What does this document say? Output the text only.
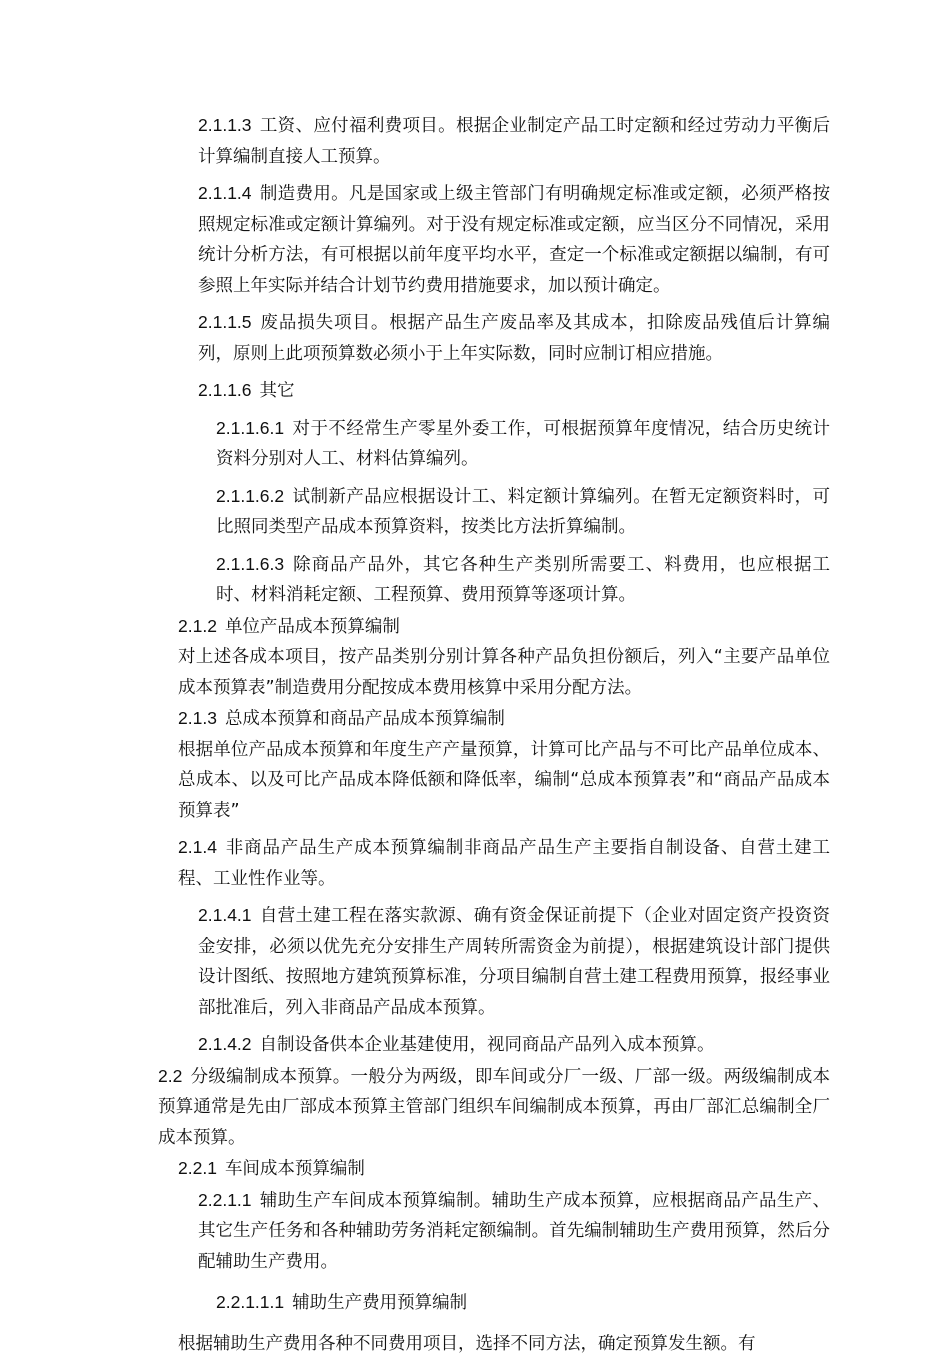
2.1.1.3 工资、应付福利费项目。根据企业制定产品工时定额和经过劳动力平衡后计算编制直接人工预算。

2.1.1.4 制造费用。凡是国家或上级主管部门有明确规定标准或定额，必须严格按照规定标准或定额计算编列。对于没有规定标准或定额，应当区分不同情况，采用统计分析方法，有可根据以前年度平均水平，查定一个标准或定额据以编制，有可参照上年实际并结合计划节约费用措施要求，加以预计确定。

2.1.1.5 废品损失项目。根据产品生产废品率及其成本，扣除废品残值后计算编列，原则上此项预算数必须小于上年实际数，同时应制订相应措施。

2.1.1.6 其它

2.1.1.6.1 对于不经常生产零星外委工作，可根据预算年度情况，结合历史统计资料分别对人工、材料估算编列。

2.1.1.6.2 试制新产品应根据设计工、料定额计算编列。在暂无定额资料时，可比照同类型产品成本预算资料，按类比方法折算编制。

2.1.1.6.3 除商品产品外，其它各种生产类别所需要工、料费用，也应根据工时、材料消耗定额、工程预算、费用预算等逐项计算。

2.1.2 单位产品成本预算编制

对上述各成本项目，按产品类别分别计算各种产品负担份额后，列入“主要产品单位成本预算表”制造费用分配按成本费用核算中采用分配方法。

2.1.3 总成本预算和商品产品成本预算编制

根据单位产品成本预算和年度生产产量预算，计算可比产品与不可比产品单位成本、总成本、以及可比产品成本降低额和降低率，编制“总成本预算表”和“商品产品成本预算表”

2.1.4 非商品产品生产成本预算编制非商品产品生产主要指自制设备、自营土建工程、工业性作业等。

2.1.4.1 自营土建工程在落实款源、确有资金保证前提下（企业对固定资产投资资金安排，必须以优先充分安排生产周转所需资金为前提），根据建筑设计部门提供设计图纸、按照地方建筑预算标准，分项目编制自营土建工程费用预算，报经事业部批准后，列入非商品产品成本预算。

2.1.4.2 自制设备供本企业基建使用，视同商品产品列入成本预算。

2.2 分级编制成本预算。一般分为两级，即车间或分厂一级、厂部一级。两级编制成本预算通常是先由厂部成本预算主管部门组织车间编制成本预算，再由厂部汇总编制全厂成本预算。

2.2.1 车间成本预算编制

2.2.1.1 辅助生产车间成本预算编制。辅助生产成本预算，应根据商品产品生产、其它生产任务和各种辅助劳务消耗定额编制。首先编制辅助生产费用预算，然后分配辅助生产费用。

2.2.1.1.1 辅助生产费用预算编制

根据辅助生产费用各种不同费用项目，选择不同方法，确定预算发生额。有
